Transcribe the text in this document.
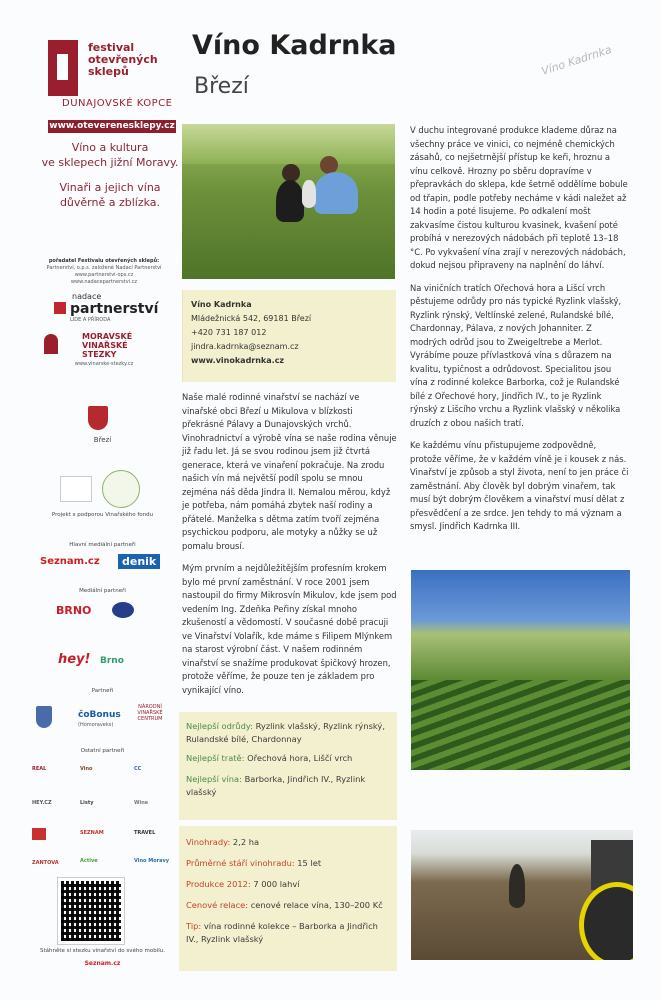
festival
otevřených
sklepů
DUNAJOVSKÉ KOPCE
www.oteverenesklepy.cz
Víno a kultura
ve sklepech jižní Moravy.
Vinaři a jejich vína
důvěrně a zblízka.
pořadatel Festivalu otevřených sklepů:
Partnerství, o.p.s. založené Nadací Partnerství
www.partnerstvi-ops.cz
www.nadacepartnerstvi.cz
nadace
partnerství
LIDE A PŘÍRODA
MORAVSKÉ
VINAŘSKÉ
STEZKY
www.vinarske-stezky.cz
Březí
Projekt s podporou Vinařského fondu
Hlavní mediální partneři
Seznam.cz	denik
Mediální partneři
BRNO
hey! Brno
Partneři
čoBonus
(Homoraveks)
NÁRODNÍ VINAŘSKÉ CENTRUM
Ostatní partneři
REAL	Vino	CC
HEY.CZ	Listy	Wine
SEZNAM	TRAVEL
ZANTOVA	Active	Vino Moravy
Stáhněte si stezku vinařství do svého mobilu.
Seznam.cz
Víno Kadrnka
Březí
Víno Kadrnka
Víno Kadrnka
Mládežnická 542, 69181 Březí
+420 731 187 012
jindra.kadrnka@seznam.cz
www.vinokadrnka.cz

Naše malé rodinné vinařství se nachází ve vinařské obci Březí u Mikulova v blízkosti překrásné Pálavy a Dunajovských vrchů. Vinohradnictví a výrobě vína se naše rodina věnuje již řadu let. Já se svou rodinou jsem již čtvrtá generace, která ve vinaření pokračuje. Na zrodu našich vín má největší podíl spolu se mnou zejména náš děda Jindra II. Nemalou měrou, když je potřeba, nám pomáhá zbytek naší rodiny a přátelé. Manželka s dětma zatím tvoří zejména psychickou podporu, ale motyky a nůžky se už pomalu brousí.

Mým prvním a nejdůležitějším profesním krokem bylo mé první zaměstnání. V roce 2001 jsem nastoupil do firmy Mikrosvín Mikulov, kde jsem pod vedením Ing. Zdeňka Peřiny získal mnoho zkušeností a vědomostí. V současné době pracuji ve Vinařství Volařík, kde máme s Filipem Mlýnkem na starost výrobní část. V našem rodinném vinařství se snažíme produkovat špičkový hrozen, protože věříme, že pouze ten je základem pro vynikající víno.

Nejlepší odrůdy: Ryzlink vlašský, Ryzlink rýnský, Rulandské bílé, Chardonnay
Nejlepší tratě: Ořechová hora, Liščí vrch
Nejlepší vína: Barborka, Jindřich IV., Ryzlink vlašský
Vinohrady: 2,2 ha
Průměrné stáří vinohradu: 15 let
Produkce 2012: 7 000 lahví
Cenové relace: cenové relace vína, 130–200 Kč
Tip: vína rodinné kolekce – Barborka a Jindřich IV., Ryzlink vlašský

V duchu integrované produkce klademe důraz na všechny práce ve vinici, co nejméně chemických zásahů, co nejšetrnější přístup ke keři, hroznu a vínu celkově. Hrozny po sběru dopravíme v přepravkách do sklepa, kde šetrně oddělíme bobule od třapin, podle potřeby necháme v kádi naležet až 14 hodin a poté lisujeme. Po odkalení mošt zakvasíme čistou kulturou kvasinek, kvašení poté probíhá v nerezových nádobách při teplotě 13–18 °C. Po vykvašení vína zrají v nerezových nádobách, dokud nejsou připraveny na naplnění do láhví.

Na viničních tratích Ořechová hora a Lišcí vrch pěstujeme odrůdy pro nás typické Ryzlink vlašský, Ryzlink rýnský, Veltlínské zelené, Rulandské bílé, Chardonnay, Pálava, z nových Johanniter. Z modrých odrůd jsou to Zweigeltrebe a Merlot. Vyrábíme pouze přívlastková vína s důrazem na kvalitu, typičnost a odrůdovost. Specialitou jsou vína z rodinné kolekce Barborka, což je Rulandské bílé z Ořechové hory, Jindřich IV., to je Ryzlink rýnský z Lišcího vrchu a Ryzlink vlašský v několika druzích z obou našich tratí.

Ke každému vínu přistupujeme zodpovědně, protože věříme, že v každém víně je i kousek z nás. Vinařství je způsob a styl života, není to jen práce či zaměstnání. Aby člověk byl dobrým vinařem, tak musí být dobrým člověkem a vinařství musí dělat z přesvědčení a ze srdce. Jen tehdy to má význam a smysl. Jindřich Kadrnka III.
